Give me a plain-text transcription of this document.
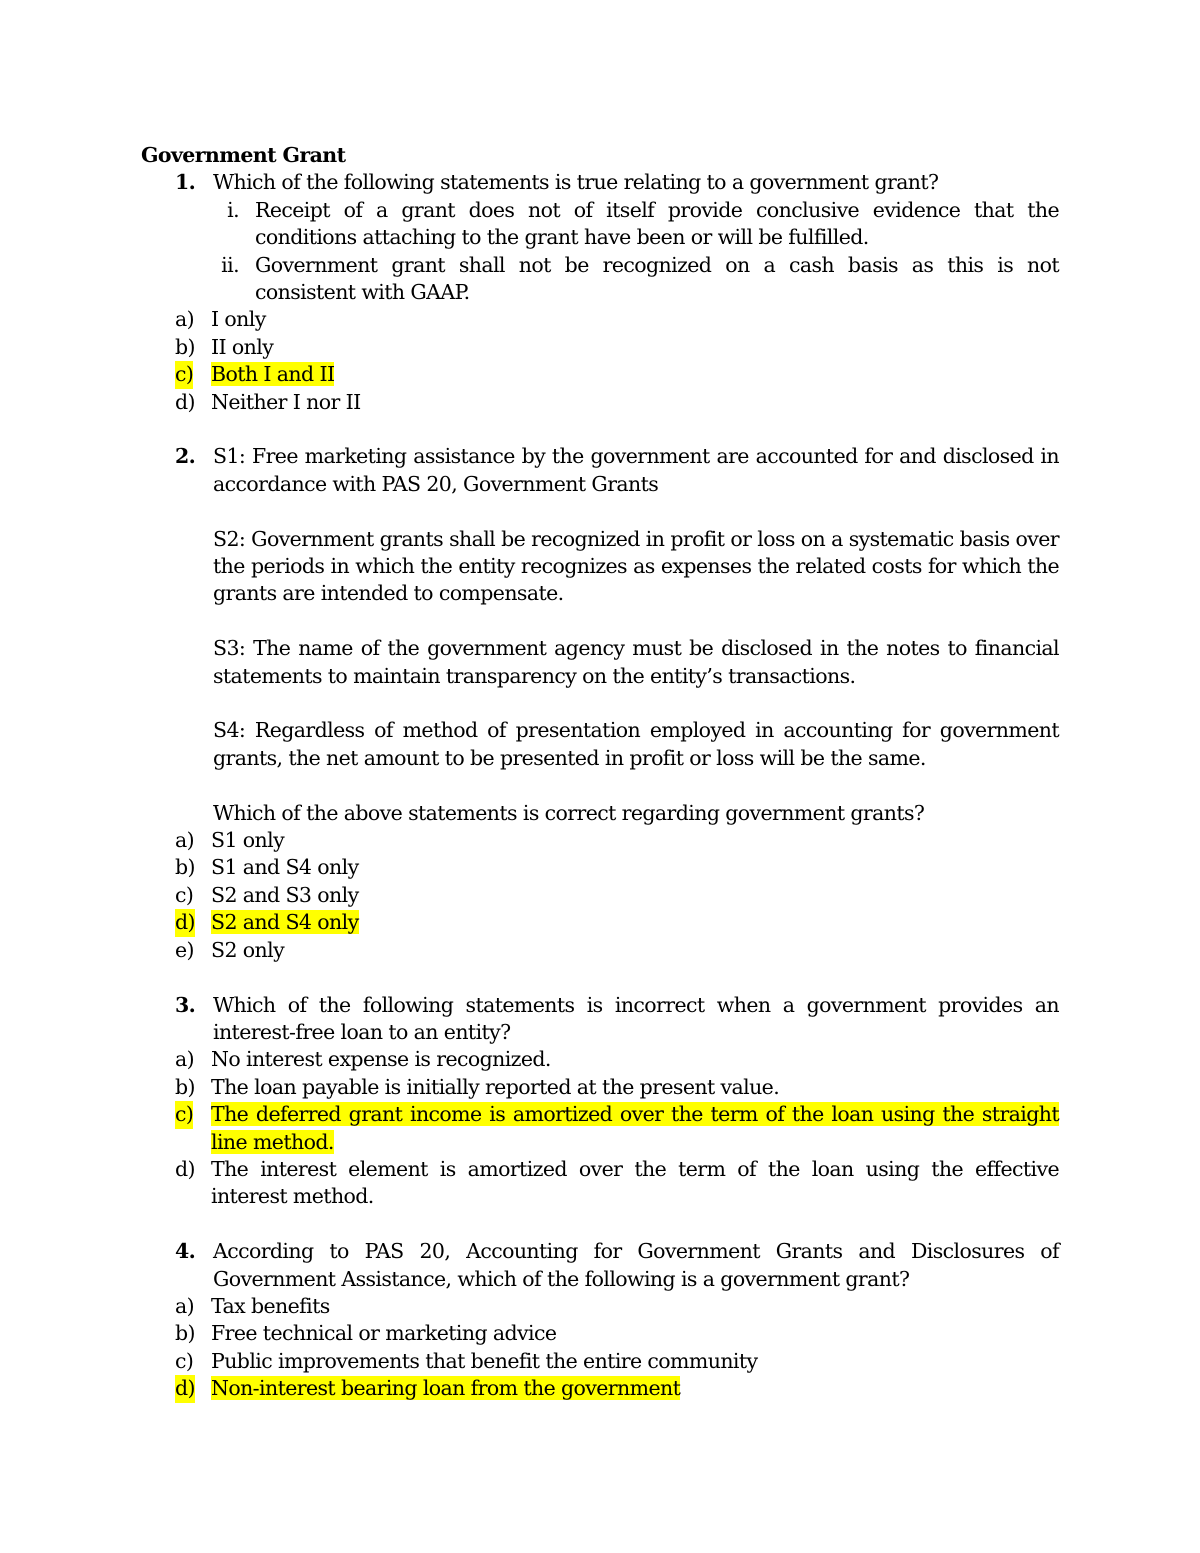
Government Grant
1. Which of the following statements is true relating to a government grant?
i. Receipt of a grant does not of itself provide conclusive evidence that the conditions attaching to the grant have been or will be fulfilled.
ii. Government grant shall not be recognized on a cash basis as this is not consistent with GAAP.
a) I only
b) II only
c) Both I and II
d) Neither I nor II
2. S1: Free marketing assistance by the government are accounted for and disclosed in accordance with PAS 20, Government Grants
S2: Government grants shall be recognized in profit or loss on a systematic basis over the periods in which the entity recognizes as expenses the related costs for which the grants are intended to compensate.
S3: The name of the government agency must be disclosed in the notes to financial statements to maintain transparency on the entity’s transactions.
S4: Regardless of method of presentation employed in accounting for government grants, the net amount to be presented in profit or loss will be the same.
Which of the above statements is correct regarding government grants?
a) S1 only
b) S1 and S4 only
c) S2 and S3 only
d) S2 and S4 only
e) S2 only
3. Which of the following statements is incorrect when a government provides an interest-free loan to an entity?
a) No interest expense is recognized.
b) The loan payable is initially reported at the present value.
c) The deferred grant income is amortized over the term of the loan using the straight line method.
d) The interest element is amortized over the term of the loan using the effective interest method.
4. According to PAS 20, Accounting for Government Grants and Disclosures of Government Assistance, which of the following is a government grant?
a) Tax benefits
b) Free technical or marketing advice
c) Public improvements that benefit the entire community
d) Non-interest bearing loan from the government
